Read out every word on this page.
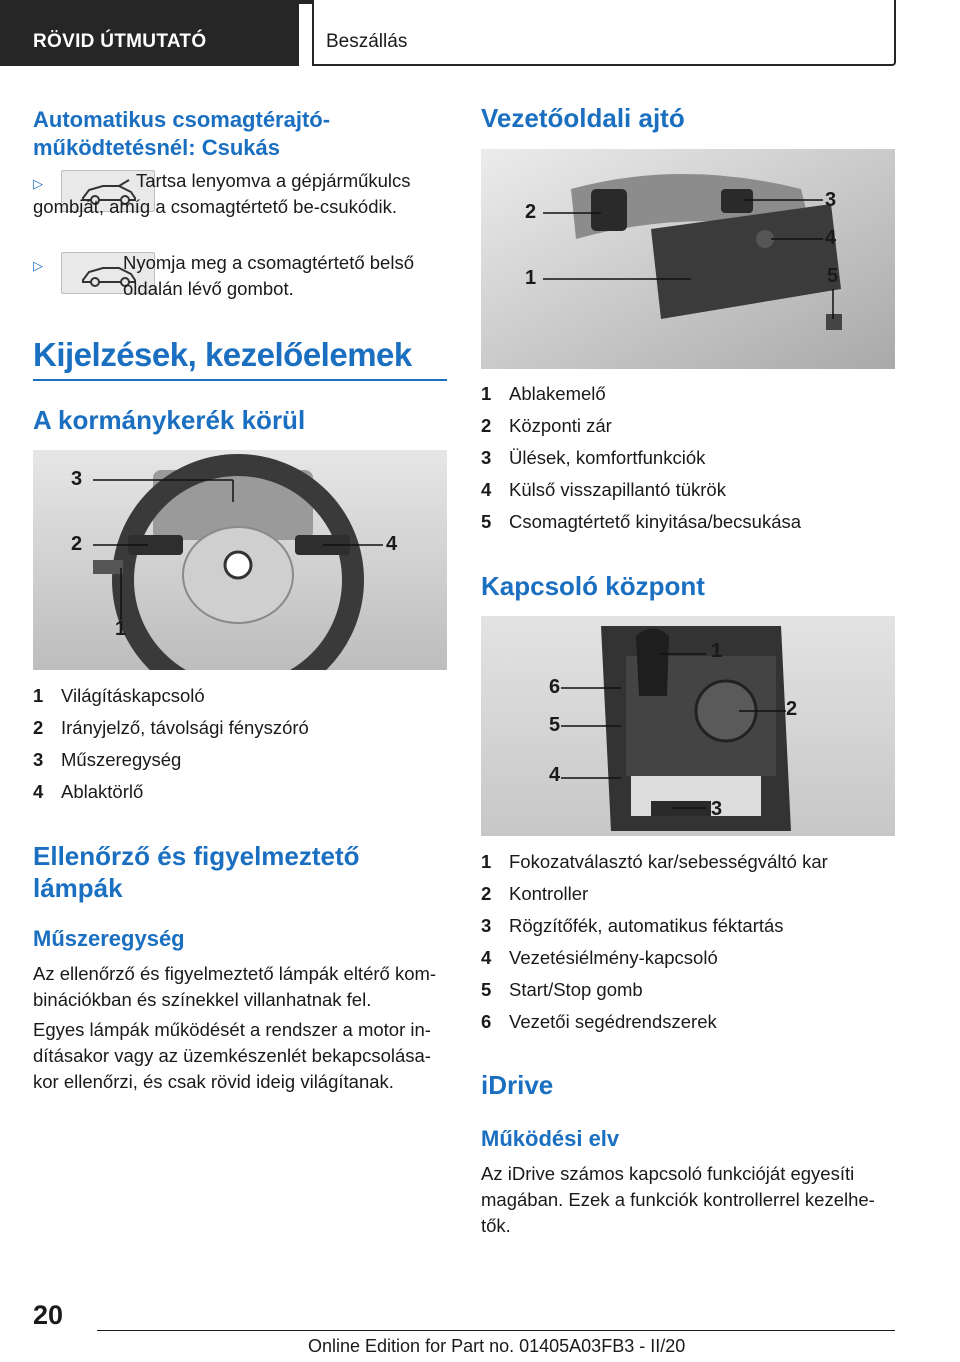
RÖVID ÚTMUTATÓ	Beszállás
Automatikus csomagtérajtó-működtetésnél: Csukás
▷	Tartsa lenyomva a gépjárműkulcs gombját, amíg a csomagtértető be-csukódik.
▷	Nyomja meg a csomagtértető belső oldalán lévő gombot.
Kijelzések, kezelőelemek
A kormánykerék körül
3
2	4
1
1 Világításkapcsoló
2 Irányjelző, távolsági fényszóró
3 Műszeregység
4 Ablaktörlő
Ellenőrző és figyelmeztető lámpák
Műszeregység

Az ellenőrző és figyelmeztető lámpák eltérő kom-binációkban és színekkel villanhatnak fel.

Egyes lámpák működését a rendszer a motor in-dításakor vagy az üzemkészenlét bekapcsolása-kor ellenőrzi, és csak rövid ideig világítanak.

Vezetőoldali ajtó
2
3
4
1	5
1 Ablakemelő
2 Központi zár
3 Ülések, komfortfunkciók
4 Külső visszapillantó tükrök
5 Csomagtértető kinyitása/becsukása
Kapcsoló központ
1
2
3
4
5
6
1 Fokozatválasztó kar/sebességváltó kar
2 Kontroller
3 Rögzítőfék, automatikus féktartás
4 Vezetésiélmény-kapcsoló
5 Start/Stop gomb
6 Vezetői segédrendszerek
iDrive
Működési elv

Az iDrive számos kapcsoló funkcióját egyesíti magában. Ezek a funkciók kontrollerrel kezelhe-tők.

20
Online Edition for Part no. 01405A03FB3 - II/20
